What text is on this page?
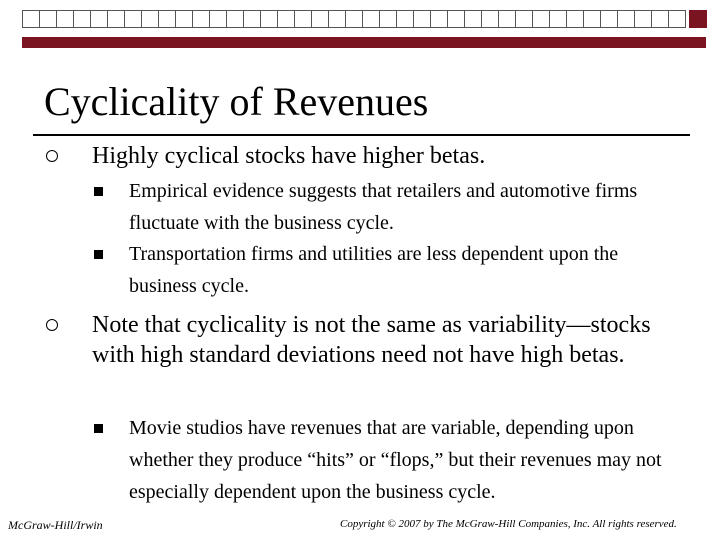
Cyclicality of Revenues
Highly cyclical stocks have higher betas.
Empirical evidence suggests that retailers and automotive firms fluctuate with the business cycle.
Transportation firms and utilities are less dependent upon the business cycle.
Note that cyclicality is not the same as variability—stocks with high standard deviations need not have high betas.
Movie studios have revenues that are variable, depending upon whether they produce “hits” or “flops,” but their revenues may not especially dependent upon the business cycle.
McGraw-Hill/Irwin	Copyright © 2007 by The McGraw-Hill Companies, Inc. All rights reserved.
